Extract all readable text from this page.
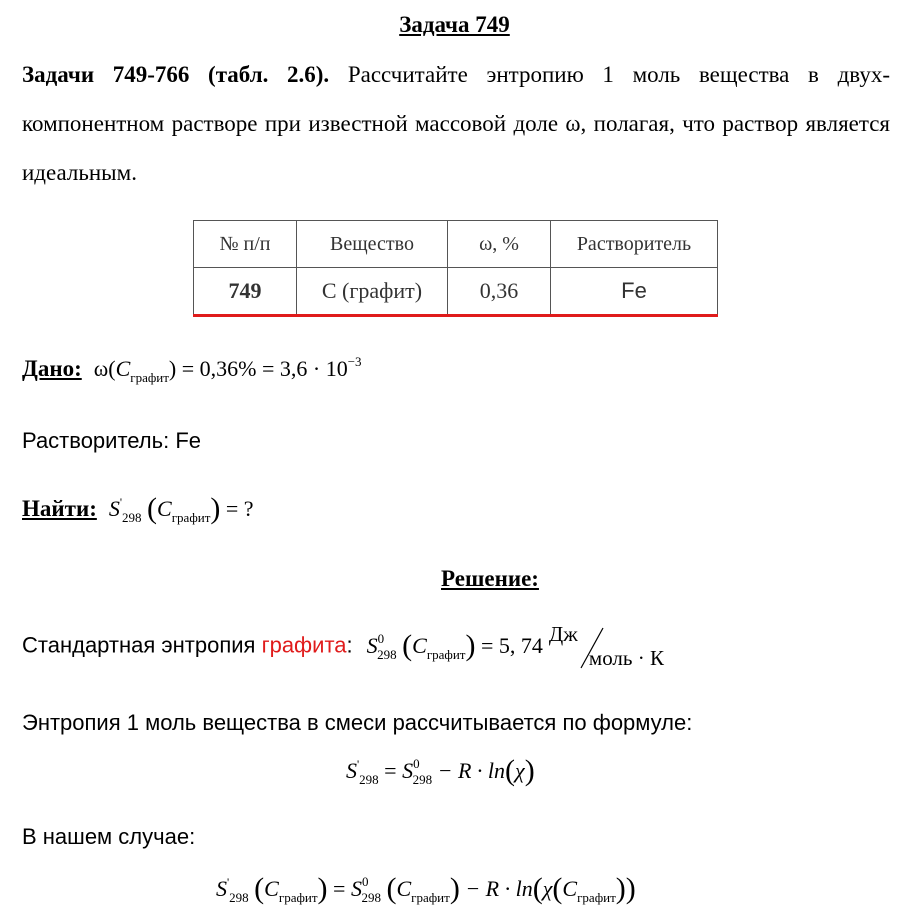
Задача 749
Задачи 749-766 (табл. 2.6). Рассчитайте энтропию 1 моль вещества в двух-компонентном растворе при известной массовой доле ω, полагая, что раствор является идеальным.
№ п/п	Вещество	ω, %	Растворитель
749	С (графит)	0,36	Fe
Дано: $\omega(C_{графит}) = 0,36\% = 3,6 \cdot 10^{-3}$
Растворитель: Fe
Найти: $S'_{298}$ $(C_{графит})$ = ?
Решение:
Стандартная энтропия графита: $S^0_{298}$ $(C_{графит}) = 5$, 74 Дж
моль · К
Энтропия 1 моль вещества в смеси рассчитывается по формуле:
$S'_{298} = S^0_{298} - R \cdot \ln(\chi)$
В нашем случае:
$S'_{298}$ $(C_{графит}) = S^0_{298}$ $(C_{графит}) - R \cdot \ln(\chi(C_{графит}))$
